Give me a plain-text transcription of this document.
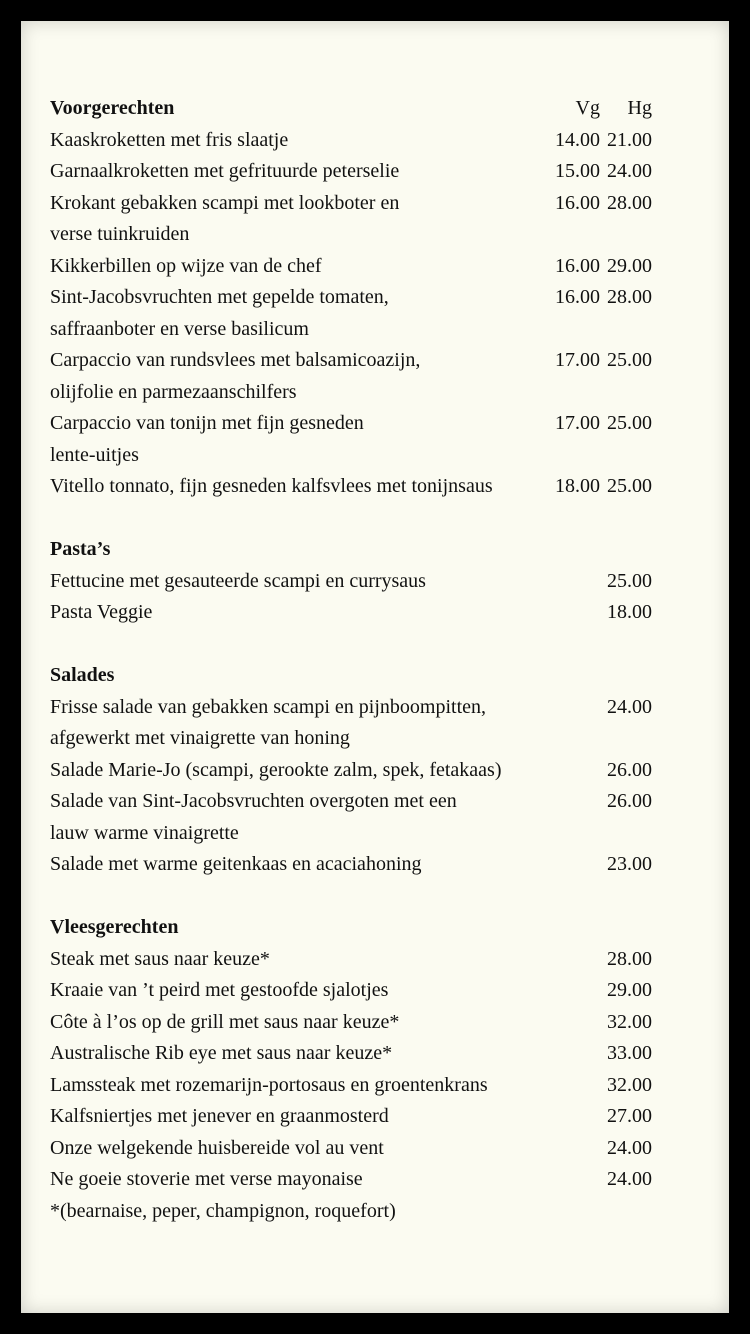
Voorgerechten	Vg Hg
Kaaskroketten met fris slaatje	14.00 21.00
Garnaalkroketten met gefrituurde peterselie	15.00 24.00
Krokant gebakken scampi met lookboter en	16.00 28.00
verse tuinkruiden
Kikkerbillen op wijze van de chef	16.00 29.00
Sint-Jacobsvruchten met gepelde tomaten,	16.00 28.00
saffraanboter en verse basilicum
Carpaccio van rundsvlees met balsamicoazijn,	17.00 25.00
olijfolie en parmezaanschilfers
Carpaccio van tonijn met fijn gesneden	17.00 25.00
lente-uitjes
Vitello tonnato, fijn gesneden kalfsvlees met tonijnsaus	18.00 25.00
Pasta’s
Fettucine met gesauteerde scampi en currysaus	25.00
Pasta Veggie	18.00
Salades
Frisse salade van gebakken scampi en pijnboompitten,	24.00
afgewerkt met vinaigrette van honing
Salade Marie-Jo (scampi, gerookte zalm, spek, fetakaas)	26.00
Salade van Sint-Jacobsvruchten overgoten met een	26.00
lauw warme vinaigrette
Salade met warme geitenkaas en acaciahoning	23.00
Vleesgerechten
Steak met saus naar keuze*	28.00
Kraaie van ’t peird met gestoofde sjalotjes	29.00
Côte à l’os op de grill met saus naar keuze*	32.00
Australische Rib eye met saus naar keuze*	33.00
Lamssteak met rozemarijn-portosaus en groentenkrans	32.00
Kalfsniertjes met jenever en graanmosterd	27.00
Onze welgekende huisbereide vol au vent	24.00
Ne goeie stoverie met verse mayonaise	24.00
*(bearnaise, peper, champignon, roquefort)
